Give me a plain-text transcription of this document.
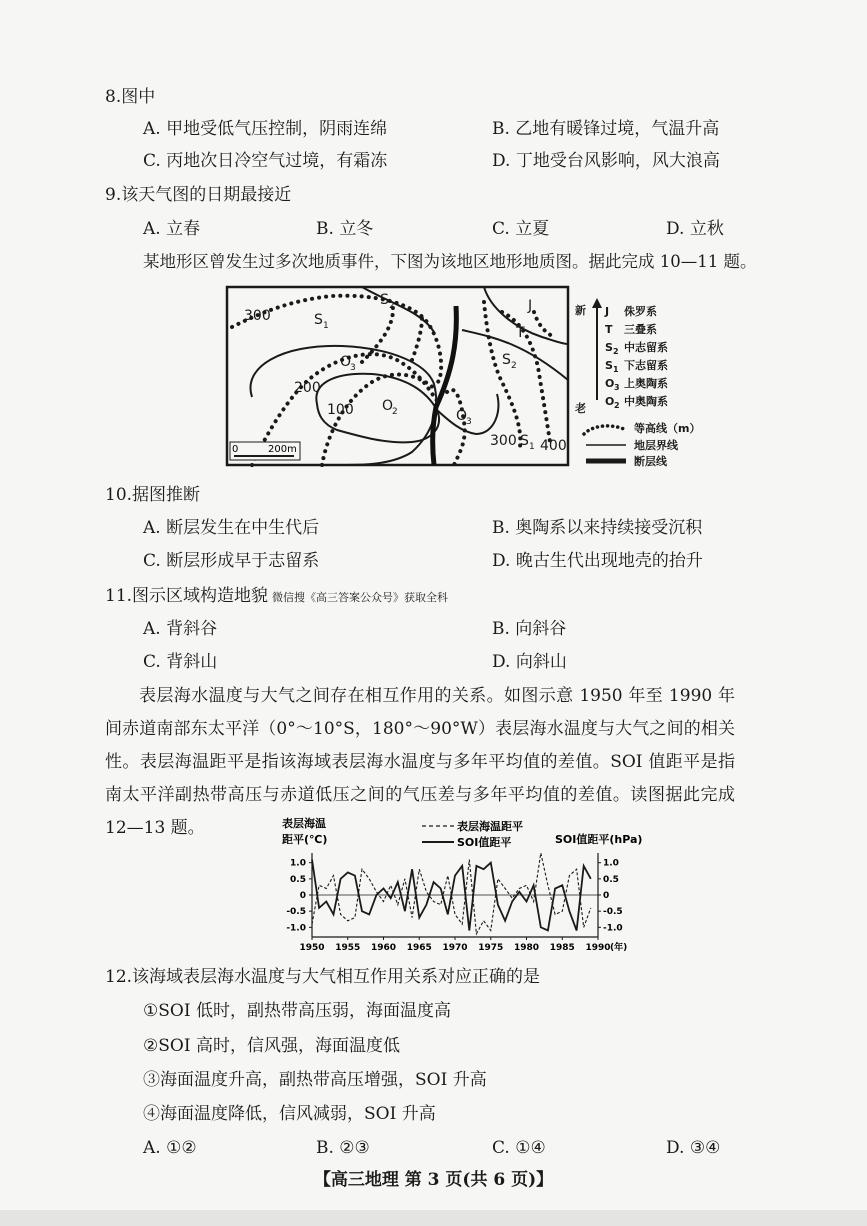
8.图中
A. 甲地受低气压控制，阴雨连绵	B. 乙地有暖锋过境，气温升高
C. 丙地次日冷空气过境，有霜冻	D. 丁地受台风影响，风大浪高
9.该天气图的日期最接近
A. 立春	B. 立冬	C. 立夏	D. 立秋
某地形区曾发生过多次地质事件，下图为该地区地形地质图。据此完成 10—11 题。
300
200
100
300 400
S 1
S 2
S 2
S 1
O
3
O
2	O
3
J
T
0	200m
新
老
J 侏罗系
T 三叠系
S 2 中志留系
S 1 下志留系
O 3 上奥陶系
O 2 中奥陶系
等高线（m）
地层界线
断层线
10.据图推断
A. 断层发生在中生代后	B. 奥陶系以来持续接受沉积
C. 断层形成早于志留系	D. 晚古生代出现地壳的抬升
11.图示区域构造地貌 微信搜《高三答案公众号》获取全科
A. 背斜谷	B. 向斜谷
C. 背斜山	D. 向斜山
表层海水温度与大气之间存在相互作用的关系。如图示意 1950 年至 1990 年间赤道南部东太平洋（0°～10°S，180°～90°W）表层海水温度与大气之间的相关性。表层海温距平是指该海域表层海水温度与多年平均值的差值。SOI 值距平是指南太平洋副热带高压与赤道低压之间的气压差与多年平均值的差值。读图据此完成 12—13 题。	表层海温
距平(℃)	SOI值距平(hPa)
表层海温距平
SOI值距平
1.0	1.0
0.5	0.5
0	0
-0.5	-0.5
-1.0	-1.0
1950 1955 1960 1965 1970 1975 1980 1985 1990 (年)
12.该海域表层海水温度与大气相互作用关系对应正确的是
①SOI 低时，副热带高压弱，海面温度高
②SOI 高时，信风强，海面温度低
③海面温度升高，副热带高压增强，SOI 升高
④海面温度降低，信风减弱，SOI 升高
A. ①②	B. ②③	C. ①④	D. ③④
【高三地理 第 3 页(共 6 页)】
